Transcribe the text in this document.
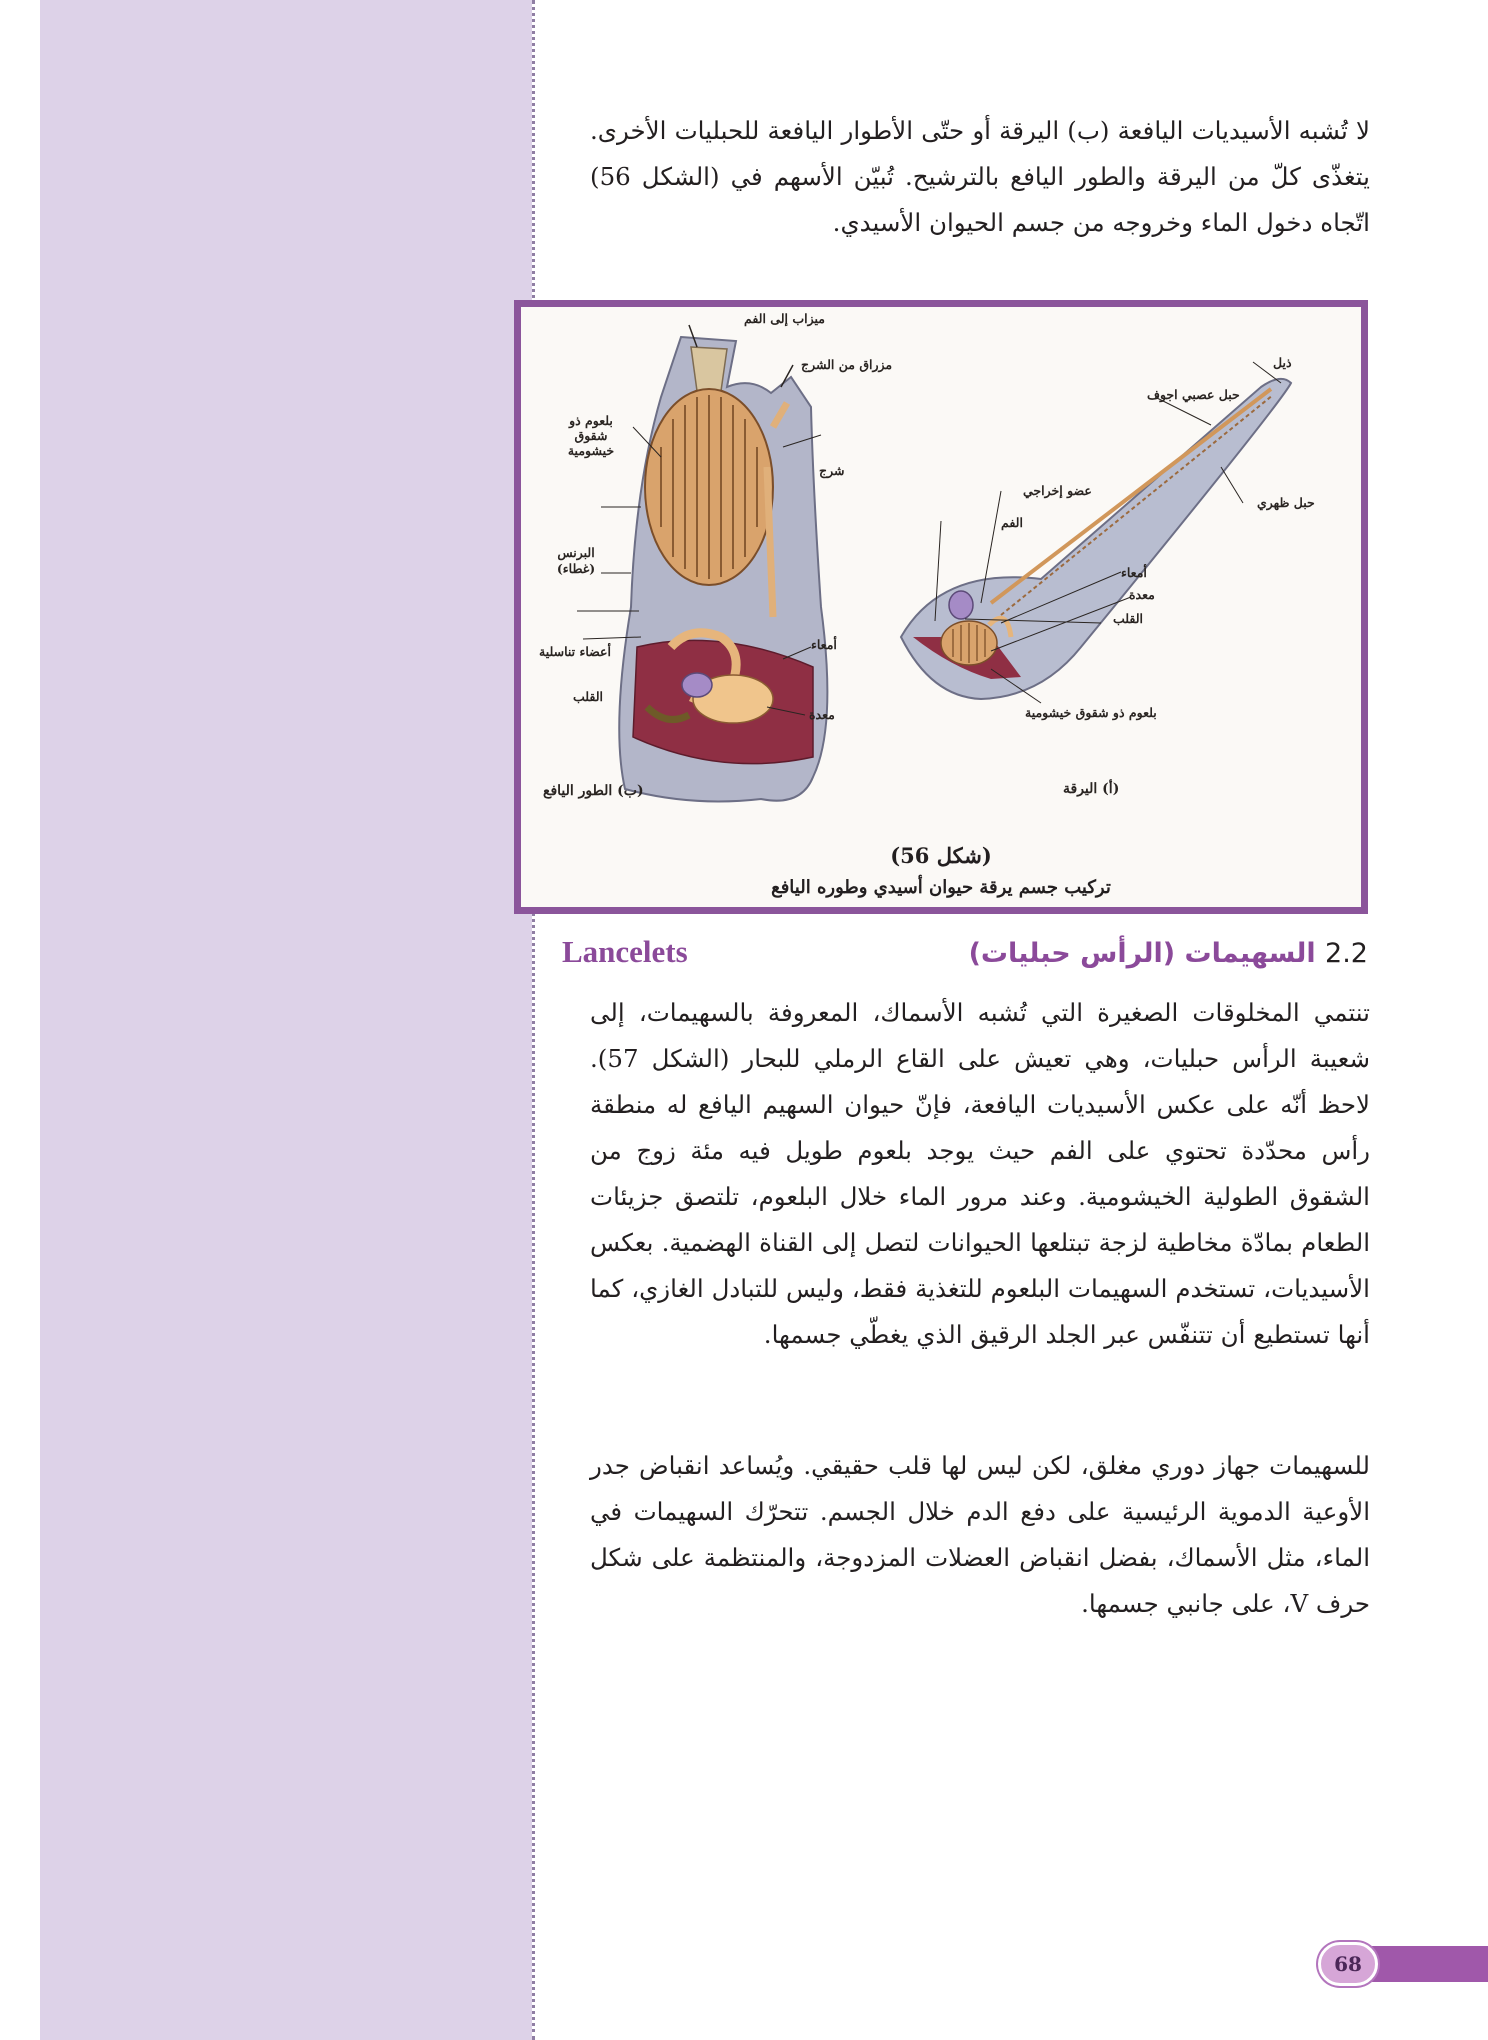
لا تُشبه الأسيديات اليافعة (ب) اليرقة أو حتّى الأطوار اليافعة للحبليات الأخرى. يتغذّى كلّ من اليرقة والطور اليافع بالترشيح. تُبيّن الأسهم في (الشكل 56) اتّجاه دخول الماء وخروجه من جسم الحيوان الأسيدي.

ميزاب إلى الفم
مزراق من الشرج
بلعوم ذو شقوق خيشومية
شرج
البرنس (غطاء)
أمعاء
أعضاء تناسلية
القلب
معدة
(ب) الطور اليافع
ذيل
حبل عصبي اجوف
حبل ظهري
عضو إخراجي
الفم
أمعاء
معدة
القلب
بلعوم ذو شقوق خيشومية
(أ) اليرقة
(شكل 56)
تركيب جسم يرقة حيوان أسيدي وطوره اليافع
2.2 السهيمات (الرأس حبليات)
Lancelets

تنتمي المخلوقات الصغيرة التي تُشبه الأسماك، المعروفة بالسهيمات، إلى شعيبة الرأس حبليات، وهي تعيش على القاع الرملي للبحار (الشكل 57). لاحظ أنّه على عكس الأسيديات اليافعة، فإنّ حيوان السهيم اليافع له منطقة رأس محدّدة تحتوي على الفم حيث يوجد بلعوم طويل فيه مئة زوج من الشقوق الطولية الخيشومية. وعند مرور الماء خلال البلعوم، تلتصق جزيئات الطعام بمادّة مخاطية لزجة تبتلعها الحيوانات لتصل إلى القناة الهضمية. بعكس الأسيديات، تستخدم السهيمات البلعوم للتغذية فقط، وليس للتبادل الغازي، كما أنها تستطيع أن تتنفّس عبر الجلد الرقيق الذي يغطّي جسمها.

للسهيمات جهاز دوري مغلق، لكن ليس لها قلب حقيقي. ويُساعد انقباض جدر الأوعية الدموية الرئيسية على دفع الدم خلال الجسم. تتحرّك السهيمات في الماء، مثل الأسماك، بفضل انقباض العضلات المزدوجة، والمنتظمة على شكل حرف V، على جانبي جسمها.

68
